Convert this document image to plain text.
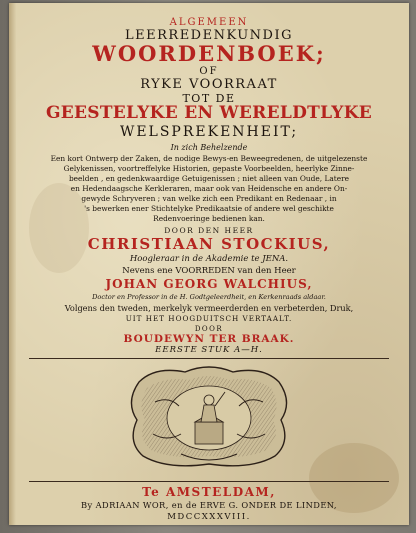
ALGEMEEN
LEERREDENKUNDIG
WOORDENBOEK;
OF
RYKE VOORRAAT
TOT DE
GEESTELYKE EN WERELDTLYKE
WELSPREKENHEIT;
In zich Behelzende
Een kort Ontwerp der Zaken, de nodige Bewys-en Beweegredenen, de uitgelezenste
Gelykenissen, voortreffelyke Historien, gepaste Voorbeelden, heerlyke Zinne-
beelden , en gedenkwaardige Getuigenissen ; niet alleen van Oude, Latere
en Hedendaagsche Kerkleraren, maar ook van Heidensche en andere On-
gewyde Schryveren ; van welke zich een Predikant en Redenaar , in
's bewerken ener Stichtelyke Predikaatsie of andere wel geschikte
Redenvoeringe bedienen kan.
DOOR DEN HEER
CHRISTIAAN STOCKIUS,
Hoogleraar in de Akademie te JENA.
Nevens ene VOORREDEN van den Heer
JOHAN GEORG WALCHIUS,
Doctor en Professor in de H. Godtgeleerdheit, en Kerkenraads aldaar.
Volgens den tweden, merkelyk vermeerderden en verbeterden, Druk,
UIT HET HOOGDUITSCH VERTAALT.
DOOR
BOUDEWYN TER BRAAK.
EERSTE STUK A—H.
Te AMSTELDAM,
By ADRIAAN WOR, en de ERVE G. ONDER DE LINDEN,
MDCCXXXVIII.
